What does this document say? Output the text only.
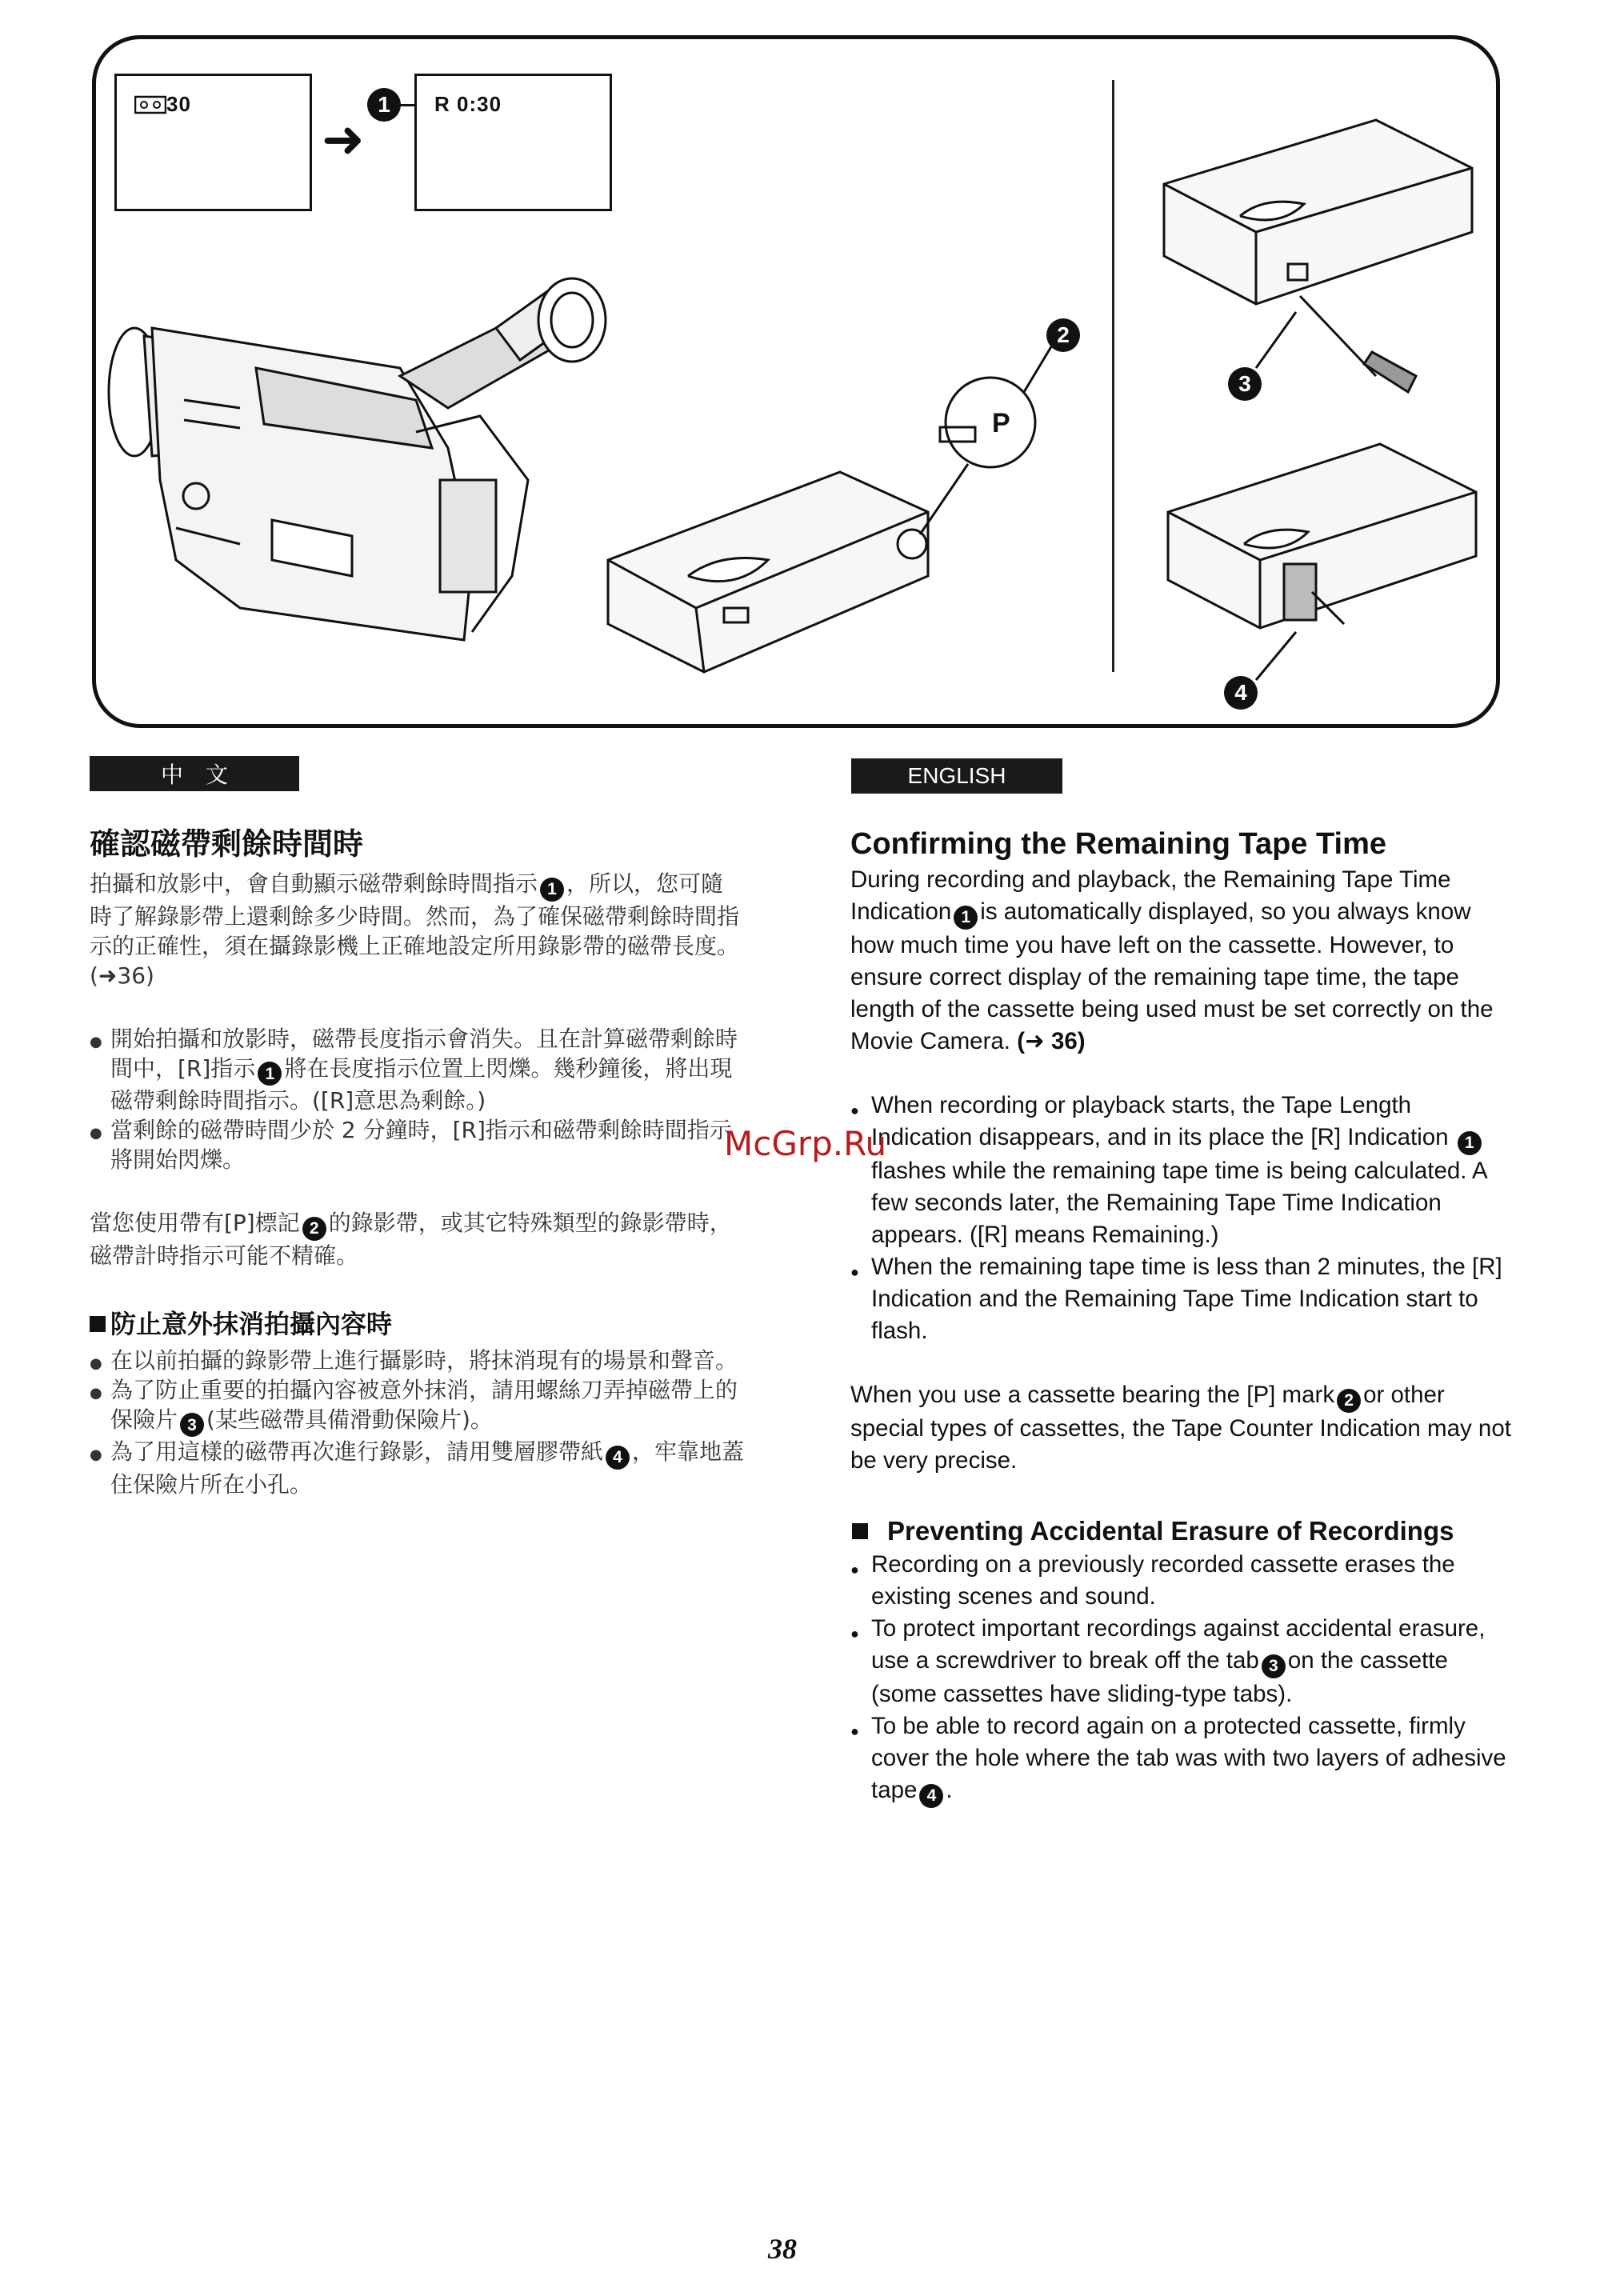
30
➜
1	R 0:30
P
2
3
4
中　文	ENGLISH
確認磁帶剩餘時間時

拍攝和放影中，會自動顯示磁帶剩餘時間指示 1 ，所以，您可隨時了解錄影帶上還剩餘多少時間。然而，為了確保磁帶剩餘時間指示的正確性，須在攝錄影機上正確地設定所用錄影帶的磁帶長度。(➜36)

● 開始拍攝和放影時，磁帶長度指示會消失。且在計算磁帶剩餘時間中，[R]指示 1 將在長度指示位置上閃爍。幾秒鐘後，將出現磁帶剩餘時間指示。([R]意思為剩餘。)
● 當剩餘的磁帶時間少於 2 分鐘時，[R]指示和磁帶剩餘時間指示將開始閃爍。

當您使用帶有[P]標記 2 的錄影帶，或其它特殊類型的錄影帶時，磁帶計時指示可能不精確。

防止意外抹消拍攝內容時
● 在以前拍攝的錄影帶上進行攝影時，將抹消現有的場景和聲音。
● 為了防止重要的拍攝內容被意外抹消，請用螺絲刀弄掉磁帶上的保險片 3 (某些磁帶具備滑動保險片)。
● 為了用這樣的磁帶再次進行錄影，請用雙層膠帶紙 4 ，牢靠地蓋住保險片所在小孔。
Confirming the Remaining Tape Time

During recording and playback, the Remaining Tape Time Indication 1 is automatically displayed, so you always know how much time you have left on the cassette. However, to ensure correct display of the remaining tape time, the tape length of the cassette being used must be set correctly on the Movie Camera. (➜ 36)

● When recording or playback starts, the Tape Length Indication disappears, and in its place the [R] Indication 1flashes while the remaining tape time is being calculated. A few seconds later, the Remaining Tape Time Indication appears. ([R] means Remaining.)
● When the remaining tape time is less than 2 minutes, the [R] Indication and the Remaining Tape Time Indication start to flash.

When you use a cassette bearing the [P] mark 2 or other special types of cassettes, the Tape Counter Indication may not be very precise.

Preventing Accidental Erasure of Recordings
● Recording on a previously recorded cassette erases the existing scenes and sound.
● To protect important recordings against accidental erasure, use a screwdriver to break off the tab 3 on the cassette (some cassettes have sliding-type tabs).
● To be able to record again on a protected cassette, firmly cover the hole where the tab was with two layers of adhesive tape 4 .
McGrp.Ru
38
